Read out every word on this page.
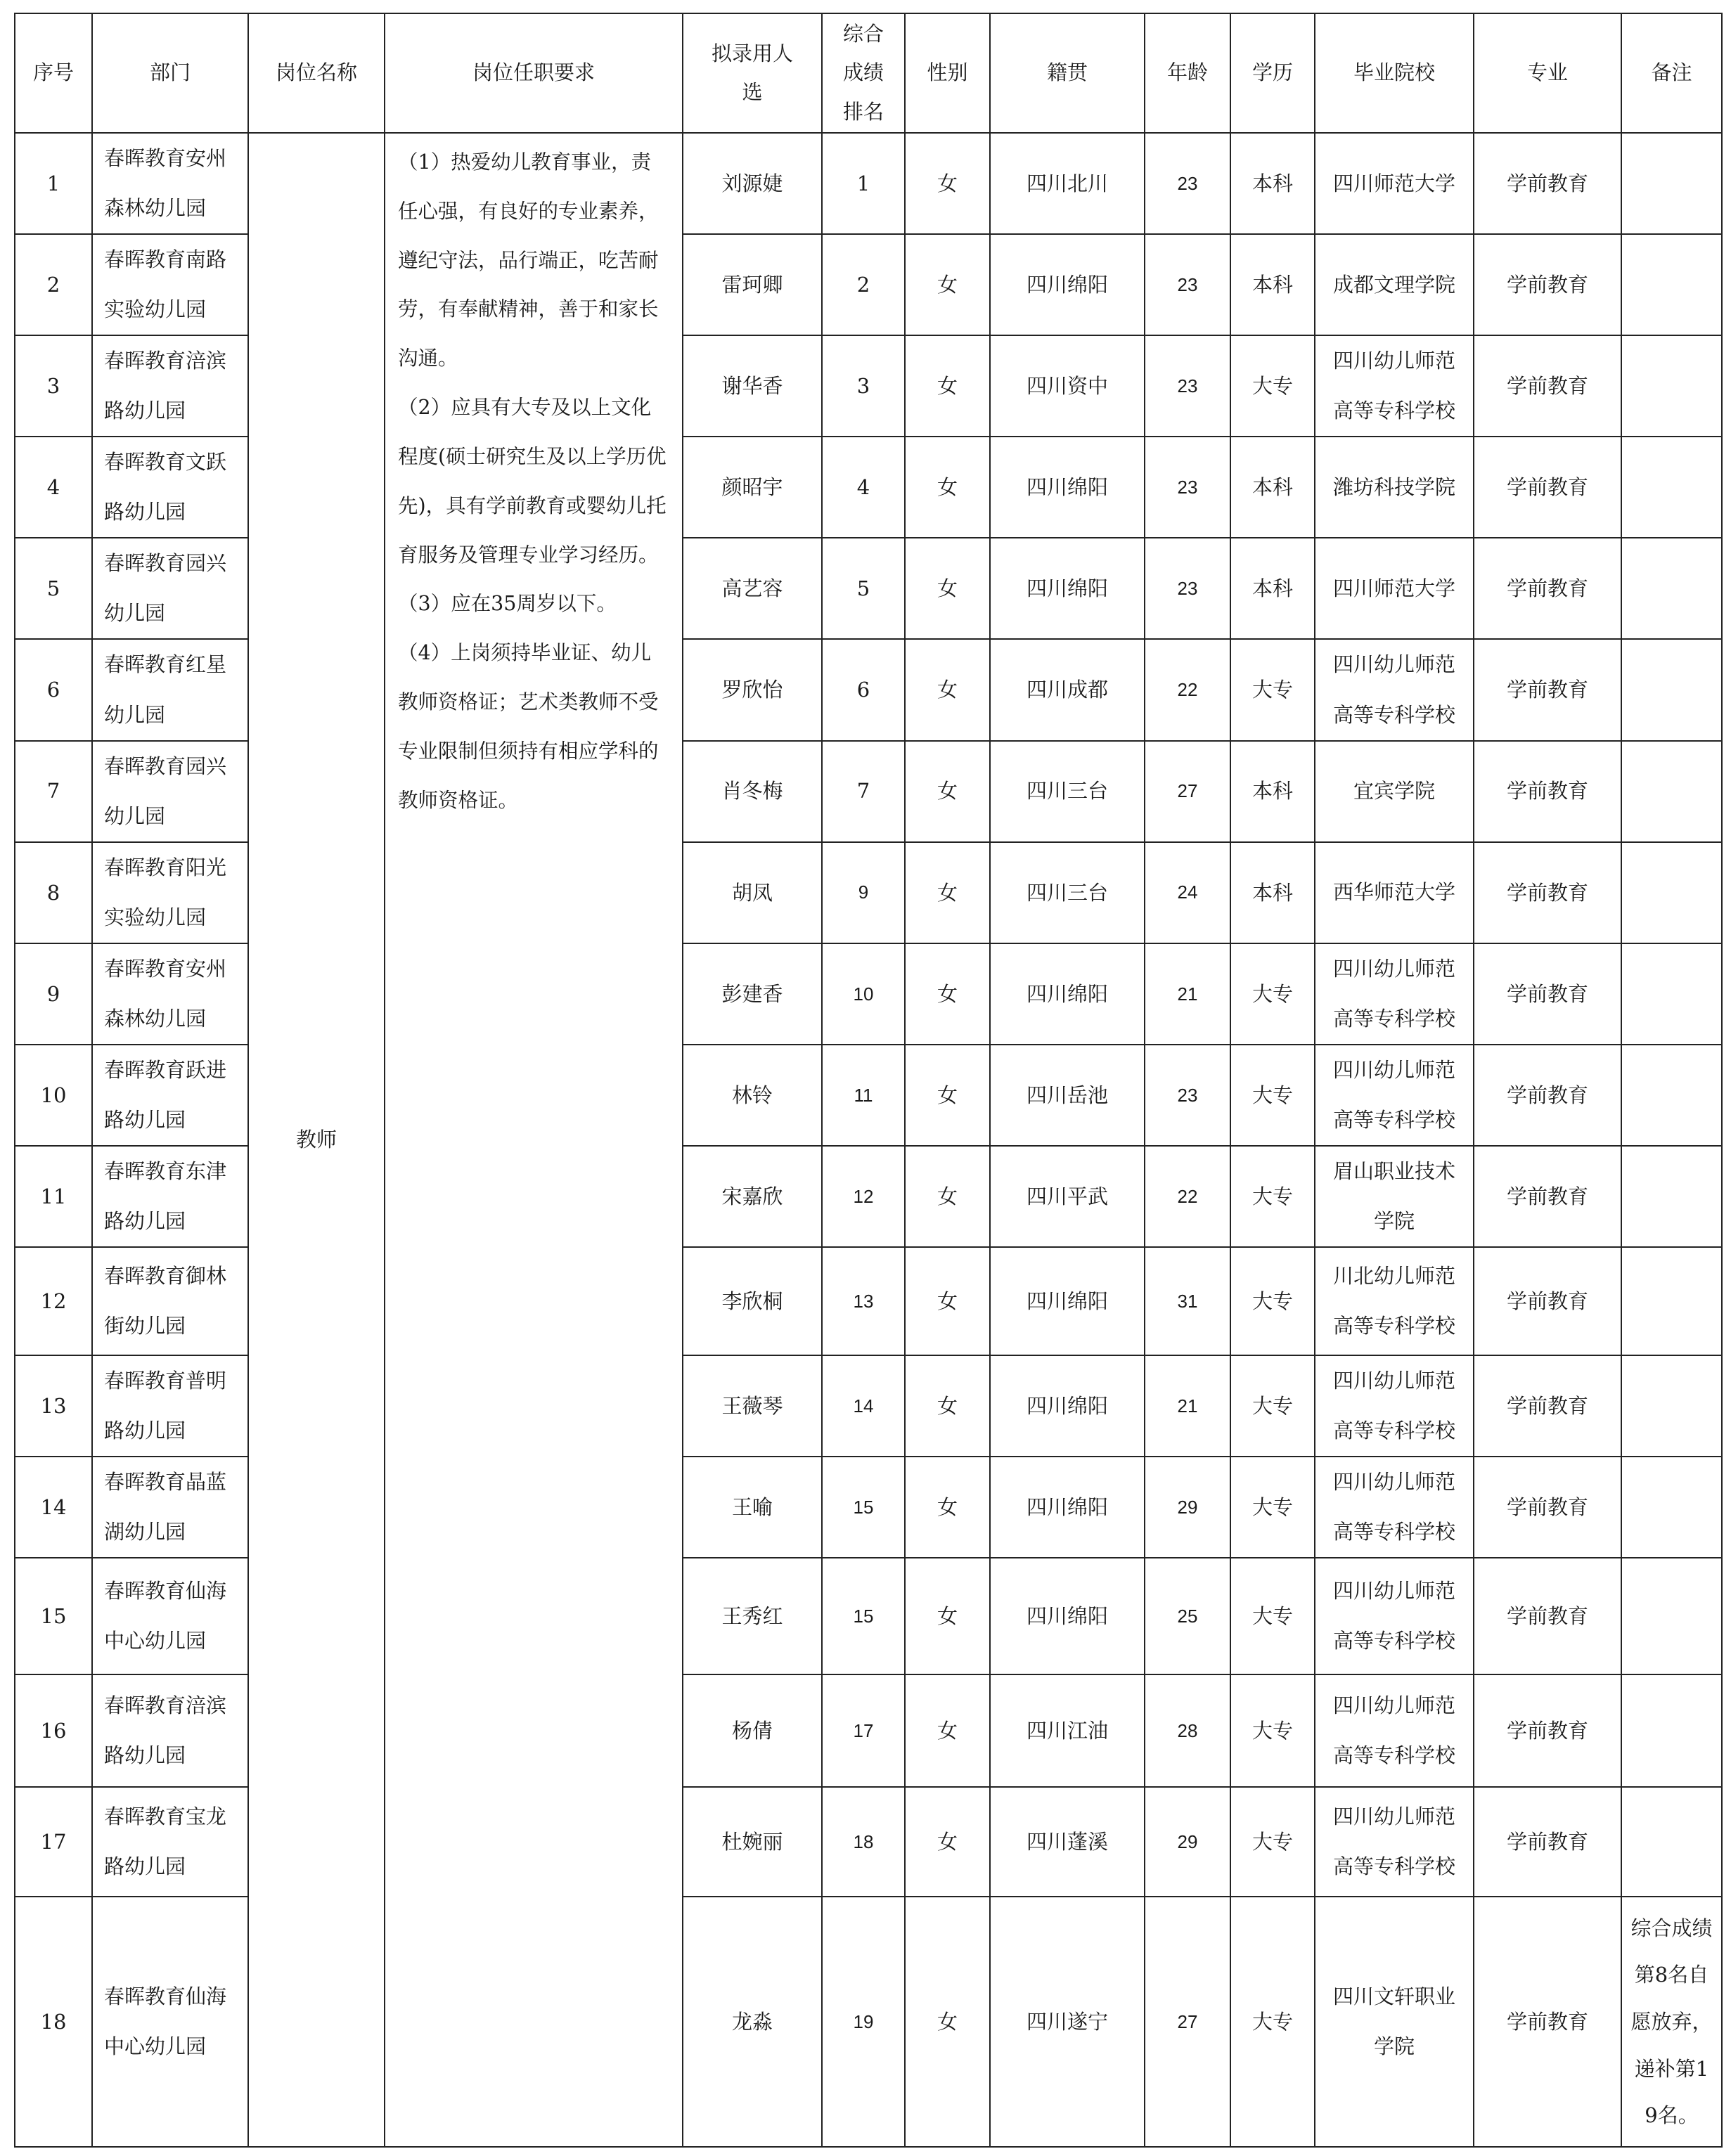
序号	部门	岗位名称	岗位任职要求	拟录用人选	综合成绩排名	性别	籍贯	年龄	学历	毕业院校	专业	备注
1	春晖教育安州森林幼儿园	教师	（1）热爱幼儿教育事业，责任心强，有良好的专业素养，遵纪守法，品行端正，吃苦耐劳，有奉献精神，善于和家长沟通。

（2）应具有大专及以上文化程度(硕士研究生及以上学历优先)，具有学前教育或婴幼儿托育服务及管理专业学习经历。

（3）应在35周岁以下。

（4）上岗须持毕业证、幼儿教师资格证；艺术类教师不受专业限制但须持有相应学科的教师资格证。	刘源婕	1	女	四川北川	23	本科	四川师范大学	学前教育	
2	春晖教育南路实验幼儿园			雷珂卿	2	女	四川绵阳	23	本科	成都文理学院	学前教育	
3	春晖教育涪滨路幼儿园			谢华香	3	女	四川资中	23	大专	四川幼儿师范高等专科学校	学前教育	
4	春晖教育文跃路幼儿园			颜昭宇	4	女	四川绵阳	23	本科	潍坊科技学院	学前教育	
5	春晖教育园兴幼儿园			高艺容	5	女	四川绵阳	23	本科	四川师范大学	学前教育	
6	春晖教育红星幼儿园			罗欣怡	6	女	四川成都	22	大专	四川幼儿师范高等专科学校	学前教育	
7	春晖教育园兴幼儿园			肖冬梅	7	女	四川三台	27	本科	宜宾学院	学前教育	
8	春晖教育阳光实验幼儿园			胡凤	9	女	四川三台	24	本科	西华师范大学	学前教育	
9	春晖教育安州森林幼儿园			彭建香	10	女	四川绵阳	21	大专	四川幼儿师范高等专科学校	学前教育	
10	春晖教育跃进路幼儿园			林铃	11	女	四川岳池	23	大专	四川幼儿师范高等专科学校	学前教育	
11	春晖教育东津路幼儿园			宋嘉欣	12	女	四川平武	22	大专	眉山职业技术学院	学前教育	
12	春晖教育御林街幼儿园			李欣桐	13	女	四川绵阳	31	大专	川北幼儿师范高等专科学校	学前教育	
13	春晖教育普明路幼儿园			王薇琴	14	女	四川绵阳	21	大专	四川幼儿师范高等专科学校	学前教育	
14	春晖教育晶蓝湖幼儿园			王喻	15	女	四川绵阳	29	大专	四川幼儿师范高等专科学校	学前教育	
15	春晖教育仙海中心幼儿园			王秀红	15	女	四川绵阳	25	大专	四川幼儿师范高等专科学校	学前教育	
16	春晖教育涪滨路幼儿园			杨倩	17	女	四川江油	28	大专	四川幼儿师范高等专科学校	学前教育	
17	春晖教育宝龙路幼儿园			杜婉丽	18	女	四川蓬溪	29	大专	四川幼儿师范高等专科学校	学前教育	
18	春晖教育仙海中心幼儿园			龙淼	19	女	四川遂宁	27	大专	四川文轩职业学院	学前教育	综合成绩第8名自愿放弃，递补第19名。
